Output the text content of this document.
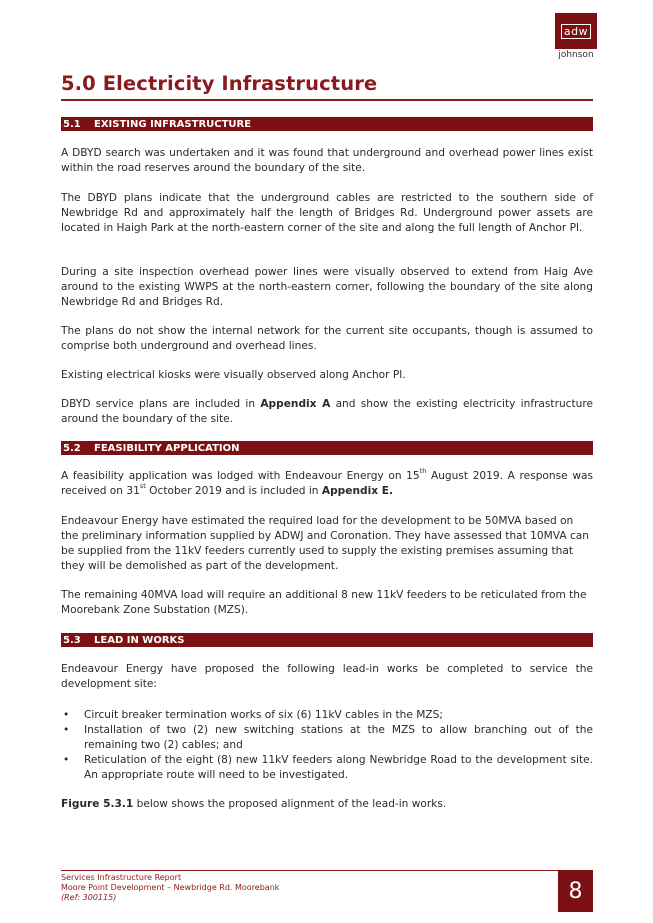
adw
johnson
5.0 Electricity Infrastructure
5.1	EXISTING INFRASTRUCTURE

A DBYD search was undertaken and it was found that underground and overhead power lines exist within the road reserves around the boundary of the site.

The DBYD plans indicate that the underground cables are restricted to the southern side of Newbridge Rd and approximately half the length of Bridges Rd. Underground power assets are located in Haigh Park at the north-eastern corner of the site and along the full length of Anchor Pl.

During a site inspection overhead power lines were visually observed to extend from Haig Ave around to the existing WWPS at the north-eastern corner, following the boundary of the site along Newbridge Rd and Bridges Rd.

The plans do not show the internal network for the current site occupants, though is assumed to comprise both underground and overhead lines.

Existing electrical kiosks were visually observed along Anchor Pl.

DBYD service plans are included in Appendix A and show the existing electricity infrastructure around the boundary of the site.

5.2	FEASIBILITY APPLICATION

A feasibility application was lodged with Endeavour Energy on 15th August 2019. A response was received on 31st October 2019 and is included in Appendix E.

Endeavour Energy have estimated the required load for the development to be 50MVA based on the preliminary information supplied by ADWJ and Coronation. They have assessed that 10MVA can be supplied from the 11kV feeders currently used to supply the existing premises assuming that they will be demolished as part of the development.

The remaining 40MVA load will require an additional 8 new 11kV feeders to be reticulated from the Moorebank Zone Substation (MZS).

5.3	LEAD IN WORKS

Endeavour Energy have proposed the following lead-in works be completed to service the development site:

• Circuit breaker termination works of six (6) 11kV cables in the MZS;
• Installation of two (2) new switching stations at the MZS to allow branching out of the remaining two (2) cables; and
• Reticulation of the eight (8) new 11kV feeders along Newbridge Road to the development site. An appropriate route will need to be investigated.

Figure 5.3.1 below shows the proposed alignment of the lead-in works.

Services Infrastructure Report
Moore Point Development – Newbridge Rd. Moorebank
(Ref: 300115)	8
